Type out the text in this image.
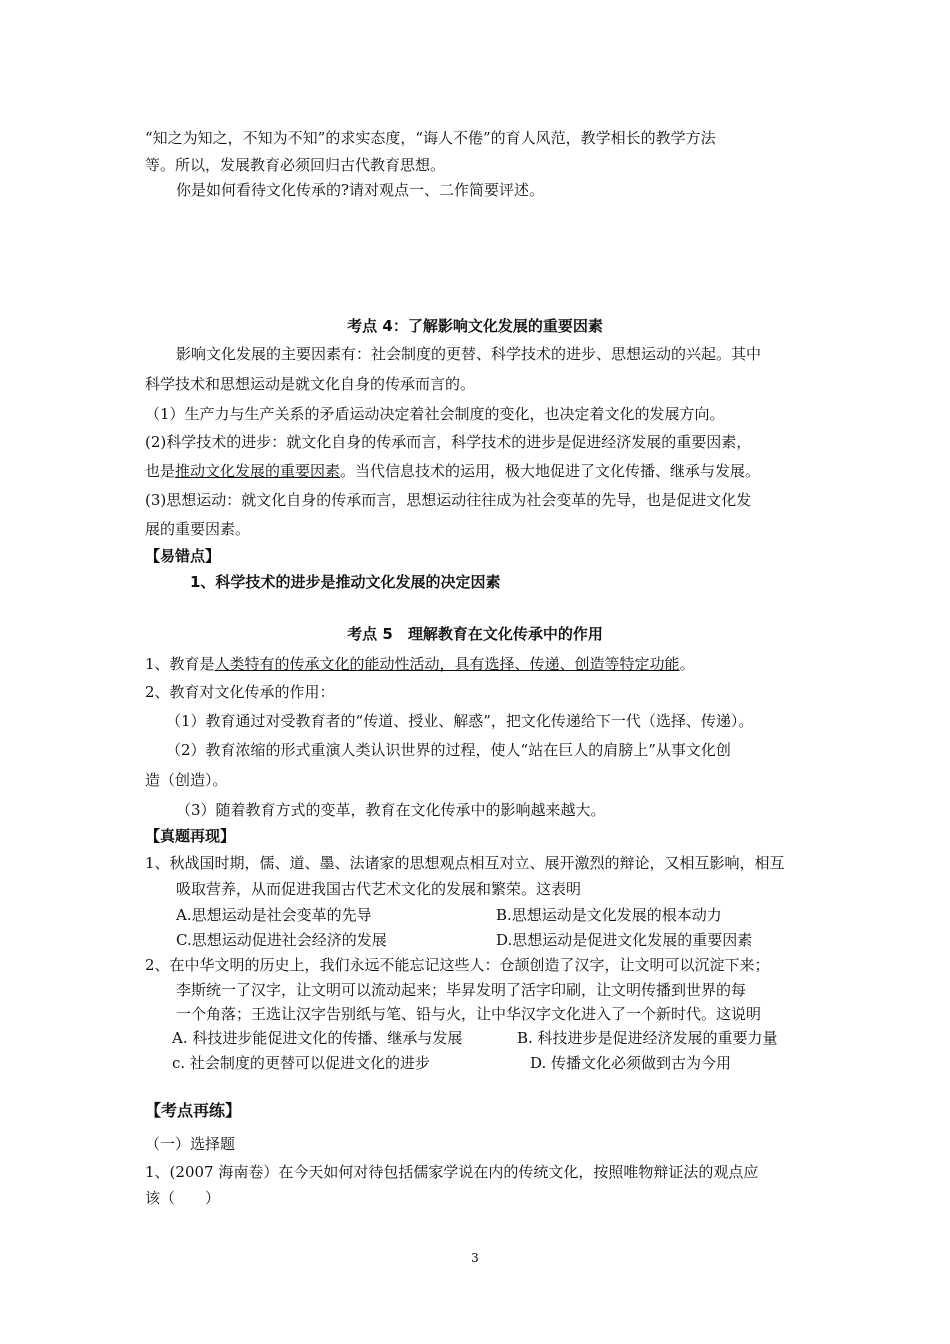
“知之为知之，不知为不知”的求实态度，“诲人不倦”的育人风范，教学相长的教学方法
等。所以，发展教育必须回归古代教育思想。
你是如何看待文化传承的?请对观点一、二作简要评述。
考点 4：了解影响文化发展的重要因素
影响文化发展的主要因素有：社会制度的更替、科学技术的进步、思想运动的兴起。其中
科学技术和思想运动是就文化自身的传承而言的。
（1）生产力与生产关系的矛盾运动决定着社会制度的变化，也决定着文化的发展方向。
(2)科学技术的进步：就文化自身的传承而言，科学技术的进步是促进经济发展的重要因素，
也是推动文化发展的重要因素。当代信息技术的运用，极大地促进了文化传播、继承与发展。
(3)思想运动：就文化自身的传承而言，思想运动往往成为社会变革的先导，也是促进文化发
展的重要因素。
【易错点】
1、科学技术的进步是推动文化发展的决定因素
考点 5　理解教育在文化传承中的作用
1、教育是人类特有的传承文化的能动性活动，具有选择、传递、创造等特定功能。
2、教育对文化传承的作用：
（1）教育通过对受教育者的“传道、授业、解惑”，把文化传递给下一代（选择、传递）。
（2）教育浓缩的形式重演人类认识世界的过程，使人“站在巨人的肩膀上”从事文化创
造（创造）。
（3）随着教育方式的变革，教育在文化传承中的影响越来越大。
【真题再现】
1、秋战国时期，儒、道、墨、法诸家的思想观点相互对立、展开激烈的辩论，又相互影响，相互
吸取营养，从而促进我国古代艺术文化的发展和繁荣。这表明
A.思想运动是社会变革的先导	B.思想运动是文化发展的根本动力
C.思想运动促进社会经济的发展	D.思想运动是促进文化发展的重要因素
2、在中华文明的历史上，我们永远不能忘记这些人：仓颉创造了汉字，让文明可以沉淀下来；
李斯统一了汉字，让文明可以流动起来；毕昇发明了活字印刷，让文明传播到世界的每
一个角落；王选让汉字告别纸与笔、铅与火，让中华汉字文化进入了一个新时代。这说明
A. 科技进步能促进文化的传播、继承与发展	B. 科技进步是促进经济发展的重要力量
c. 社会制度的更替可以促进文化的进步	D. 传播文化必须做到古为今用
【考点再练】
（一）选择题
1、(2007 海南卷）在今天如何对待包括儒家学说在内的传统文化，按照唯物辩证法的观点应
该（　　）
3
